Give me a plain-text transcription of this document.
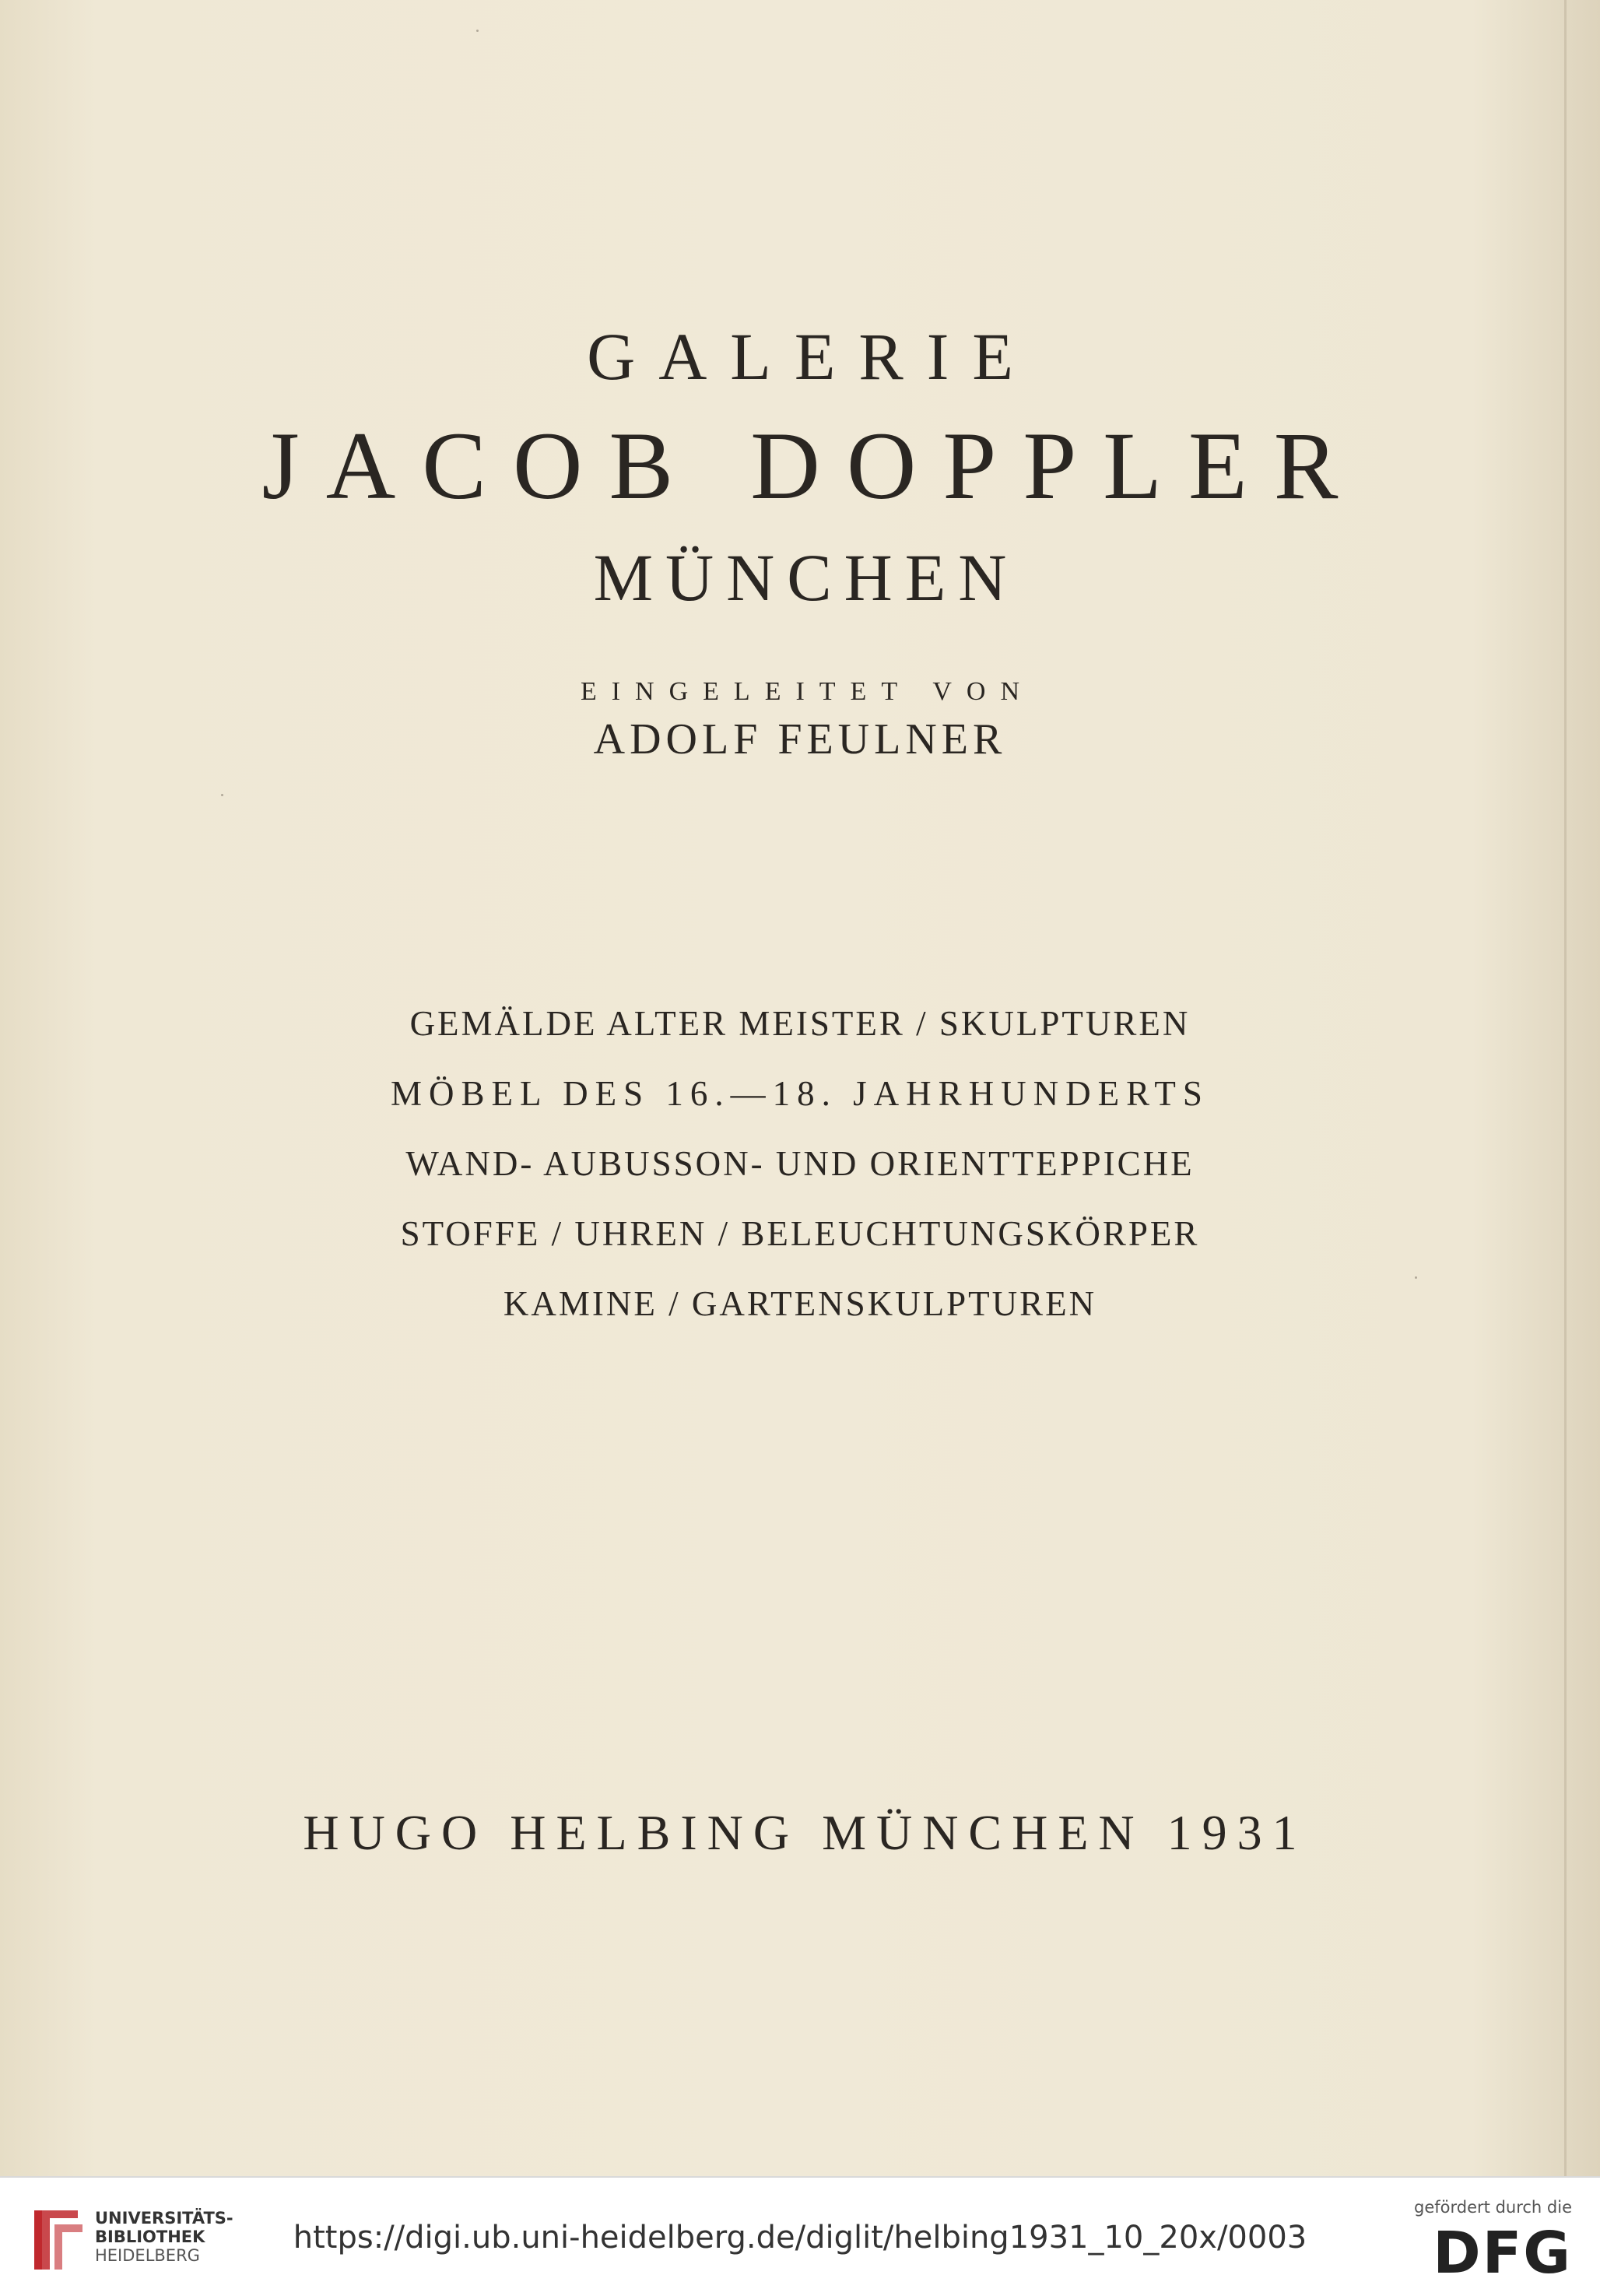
GALERIE
JACOB DOPPLER
MÜNCHEN
EINGELEITET VON
ADOLF FEULNER
GEMÄLDE ALTER MEISTER / SKULPTUREN
MÖBEL DES 16.—18. JAHRHUNDERTS
WAND- AUBUSSON- UND ORIENTTEPPICHE
STOFFE / UHREN / BELEUCHTUNGSKÖRPER
KAMINE / GARTENSKULPTUREN
HUGO HELBING MÜNCHEN 1931
UNIVERSITÄTS-
BIBLIOTHEK
HEIDELBERG	https://digi.ub.uni-heidelberg.de/diglit/helbing1931_10_20x/0003
gefördert durch die
DFG
